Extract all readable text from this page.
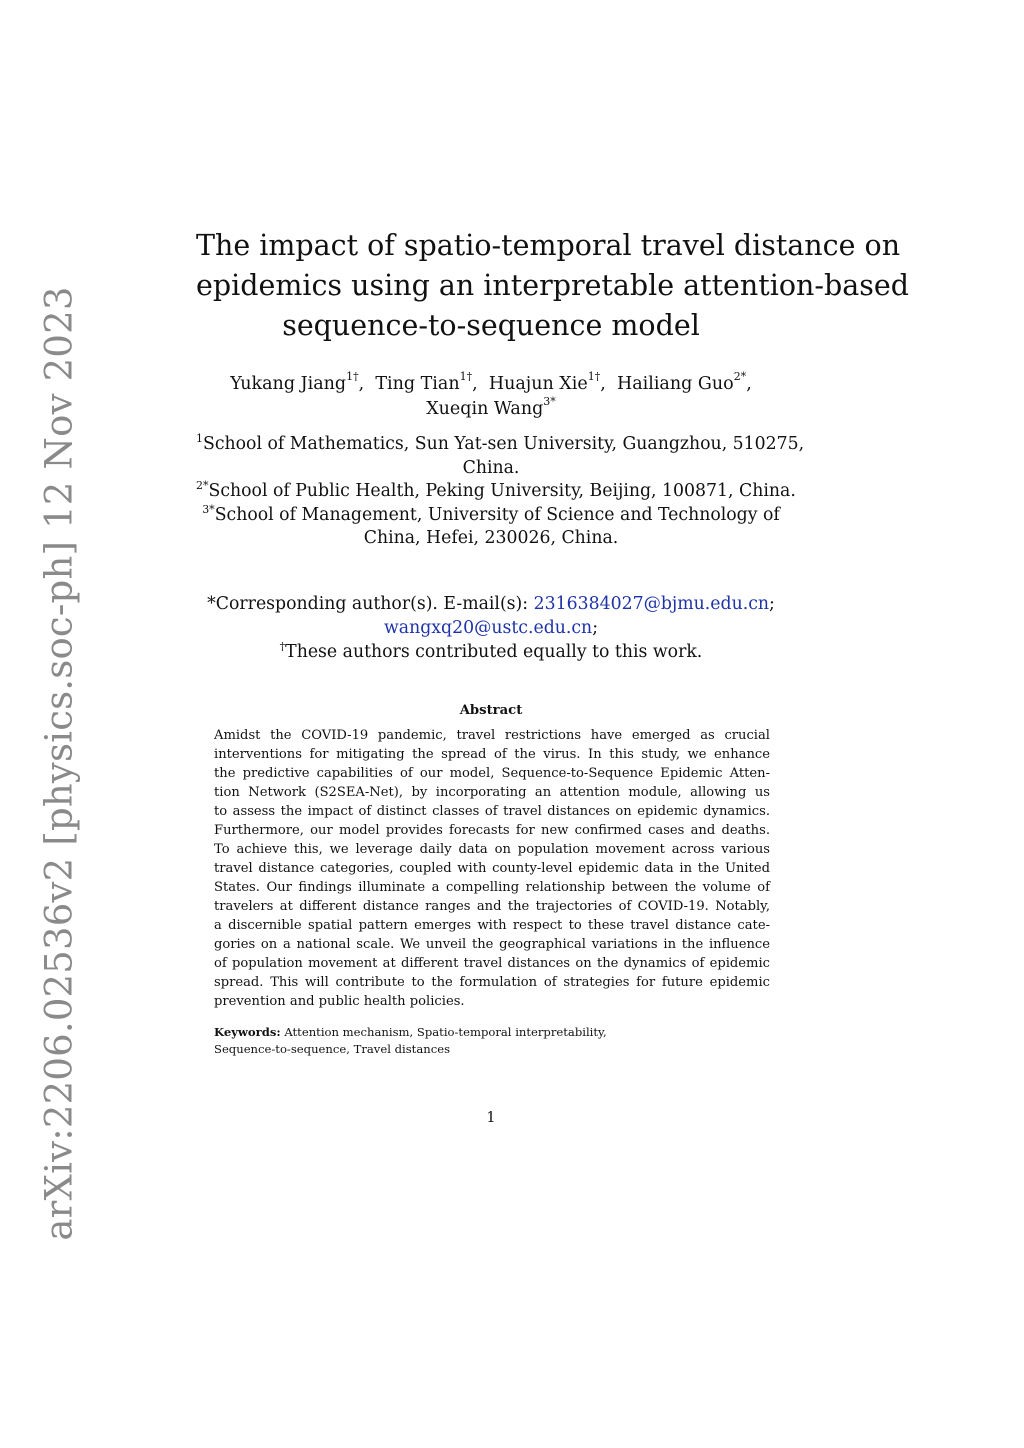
arXiv:2206.02536v2 [physics.soc-ph] 12 Nov 2023
The impact of spatio-temporal travel distance on
epidemics using an interpretable attention-based
sequence-to-sequence model
Yukang Jiang$^{1\dagger}$,  Ting Tian$^{1\dagger}$,  Huajun Xie$^{1\dagger}$,  Hailiang Guo$^{2*}$,
Xueqin Wang$^{3*}$
$^1$School of Mathematics, Sun Yat-sen University, Guangzhou, 510275,
China.
$^{2*}$School of Public Health, Peking University, Beijing, 100871, China.
$^{3*}$School of Management, University of Science and Technology of
China, Hefei, 230026, China.
*Corresponding author(s). E-mail(s): 2316384027@bjmu.edu.cn;
wangxq20@ustc.edu.cn;
†These authors contributed equally to this work.
Abstract

Amidst the COVID-19 pandemic, travel restrictions have emerged as crucial
interventions for mitigating the spread of the virus. In this study, we enhance
the predictive capabilities of our model, Sequence-to-Sequence Epidemic Atten-
tion Network (S2SEA-Net), by incorporating an attention module, allowing us
to assess the impact of distinct classes of travel distances on epidemic dynamics.
Furthermore, our model provides forecasts for new confirmed cases and deaths.
To achieve this, we leverage daily data on population movement across various
travel distance categories, coupled with county-level epidemic data in the United
States. Our findings illuminate a compelling relationship between the volume of
travelers at different distance ranges and the trajectories of COVID-19. Notably,
a discernible spatial pattern emerges with respect to these travel distance cate-
gories on a national scale. We unveil the geographical variations in the influence
of population movement at different travel distances on the dynamics of epidemic
spread. This will contribute to the formulation of strategies for future epidemic
prevention and public health policies.

Keywords: Attention mechanism, Spatio-temporal interpretability,
Sequence-to-sequence, Travel distances
1
